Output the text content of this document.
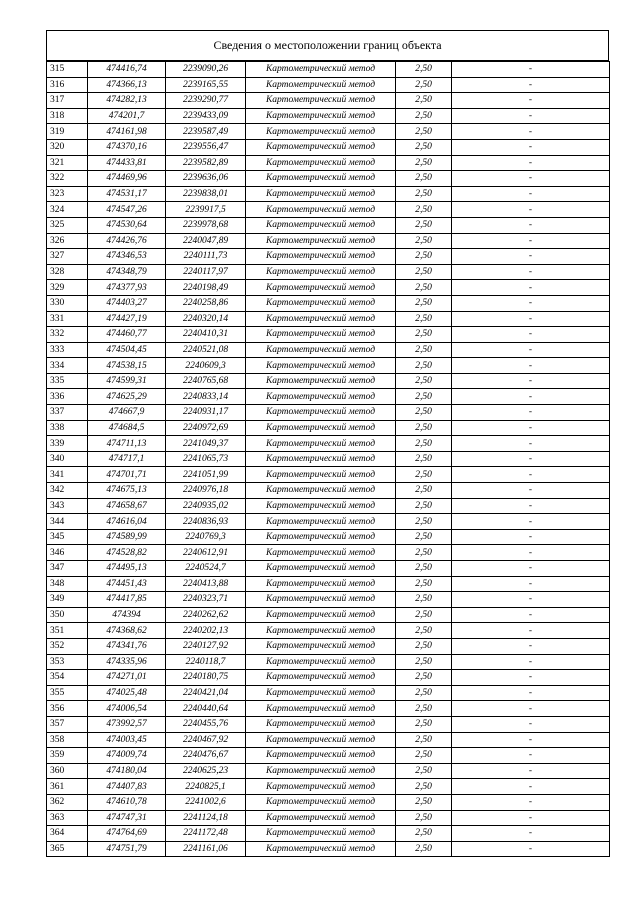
Сведения о местоположении границ объекта
315	474416,74	2239090,26	Картометрический метод	2,50	-
316	474366,13	2239165,55	Картометрический метод	2,50	-
317	474282,13	2239290,77	Картометрический метод	2,50	-
318	474201,7	2239433,09	Картометрический метод	2,50	-
319	474161,98	2239587,49	Картометрический метод	2,50	-
320	474370,16	2239556,47	Картометрический метод	2,50	-
321	474433,81	2239582,89	Картометрический метод	2,50	-
322	474469,96	2239636,06	Картометрический метод	2,50	-
323	474531,17	2239838,01	Картометрический метод	2,50	-
324	474547,26	2239917,5	Картометрический метод	2,50	-
325	474530,64	2239978,68	Картометрический метод	2,50	-
326	474426,76	2240047,89	Картометрический метод	2,50	-
327	474346,53	2240111,73	Картометрический метод	2,50	-
328	474348,79	2240117,97	Картометрический метод	2,50	-
329	474377,93	2240198,49	Картометрический метод	2,50	-
330	474403,27	2240258,86	Картометрический метод	2,50	-
331	474427,19	2240320,14	Картометрический метод	2,50	-
332	474460,77	2240410,31	Картометрический метод	2,50	-
333	474504,45	2240521,08	Картометрический метод	2,50	-
334	474538,15	2240609,3	Картометрический метод	2,50	-
335	474599,31	2240765,68	Картометрический метод	2,50	-
336	474625,29	2240833,14	Картометрический метод	2,50	-
337	474667,9	2240931,17	Картометрический метод	2,50	-
338	474684,5	2240972,69	Картометрический метод	2,50	-
339	474711,13	2241049,37	Картометрический метод	2,50	-
340	474717,1	2241065,73	Картометрический метод	2,50	-
341	474701,71	2241051,99	Картометрический метод	2,50	-
342	474675,13	2240976,18	Картометрический метод	2,50	-
343	474658,67	2240935,02	Картометрический метод	2,50	-
344	474616,04	2240836,93	Картометрический метод	2,50	-
345	474589,99	2240769,3	Картометрический метод	2,50	-
346	474528,82	2240612,91	Картометрический метод	2,50	-
347	474495,13	2240524,7	Картометрический метод	2,50	-
348	474451,43	2240413,88	Картометрический метод	2,50	-
349	474417,85	2240323,71	Картометрический метод	2,50	-
350	474394	2240262,62	Картометрический метод	2,50	-
351	474368,62	2240202,13	Картометрический метод	2,50	-
352	474341,76	2240127,92	Картометрический метод	2,50	-
353	474335,96	2240118,7	Картометрический метод	2,50	-
354	474271,01	2240180,75	Картометрический метод	2,50	-
355	474025,48	2240421,04	Картометрический метод	2,50	-
356	474006,54	2240440,64	Картометрический метод	2,50	-
357	473992,57	2240455,76	Картометрический метод	2,50	-
358	474003,45	2240467,92	Картометрический метод	2,50	-
359	474009,74	2240476,67	Картометрический метод	2,50	-
360	474180,04	2240625,23	Картометрический метод	2,50	-
361	474407,83	2240825,1	Картометрический метод	2,50	-
362	474610,78	2241002,6	Картометрический метод	2,50	-
363	474747,31	2241124,18	Картометрический метод	2,50	-
364	474764,69	2241172,48	Картометрический метод	2,50	-
365	474751,79	2241161,06	Картометрический метод	2,50	-
